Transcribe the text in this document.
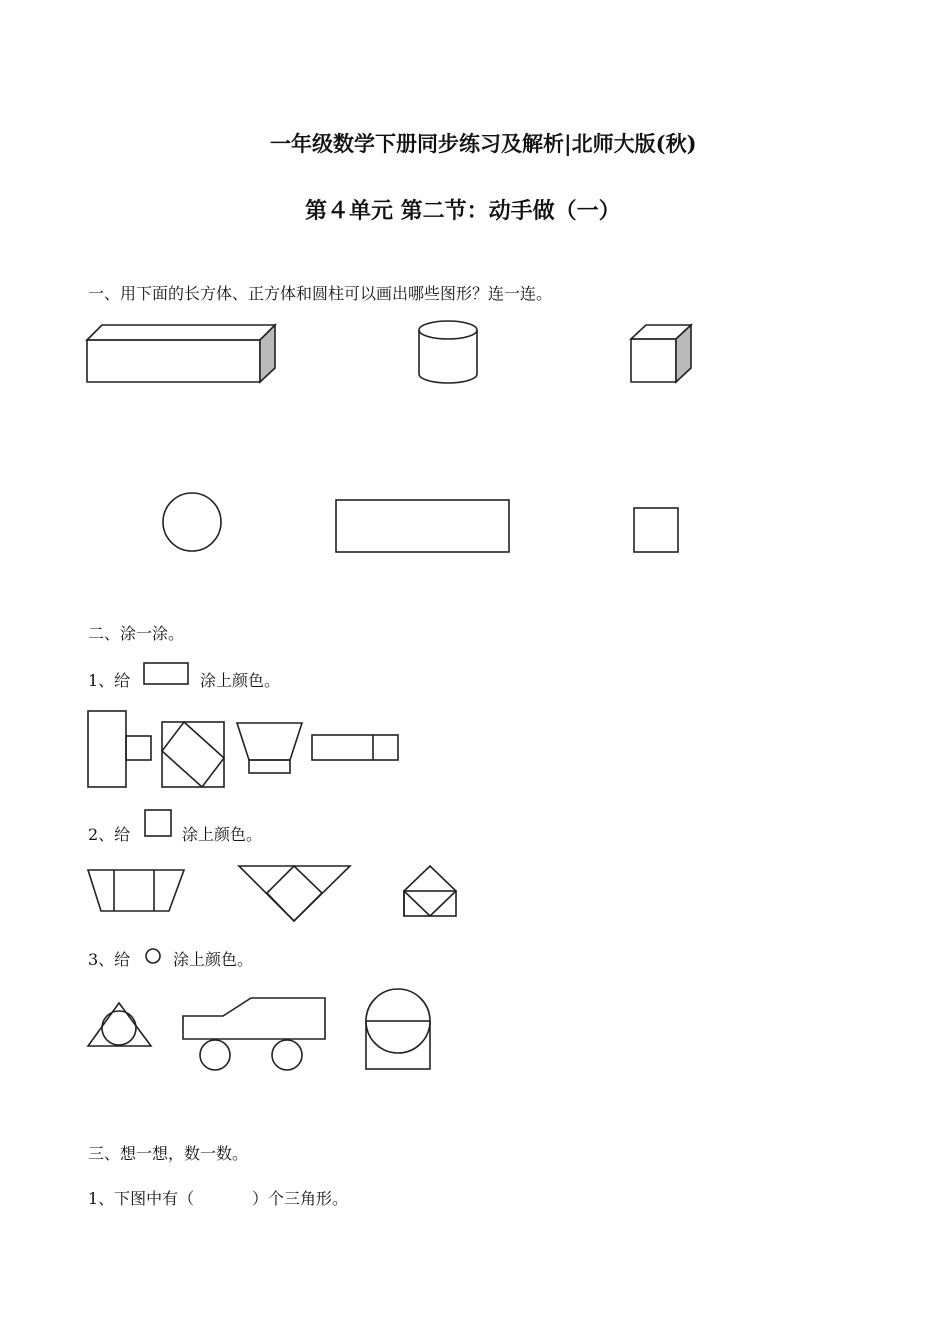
一年级数学下册同步练习及解析|北师大版(秋)
第４单元 第二节：动手做（一）
一、用下面的长方体、正方体和圆柱可以画出哪些图形？连一连。
二、涂一涂。
1、给	涂上颜色。
2、给	涂上颜色。
3、给	涂上颜色。
三、想一想，数一数。
1、下图中有（	）个三角形。
